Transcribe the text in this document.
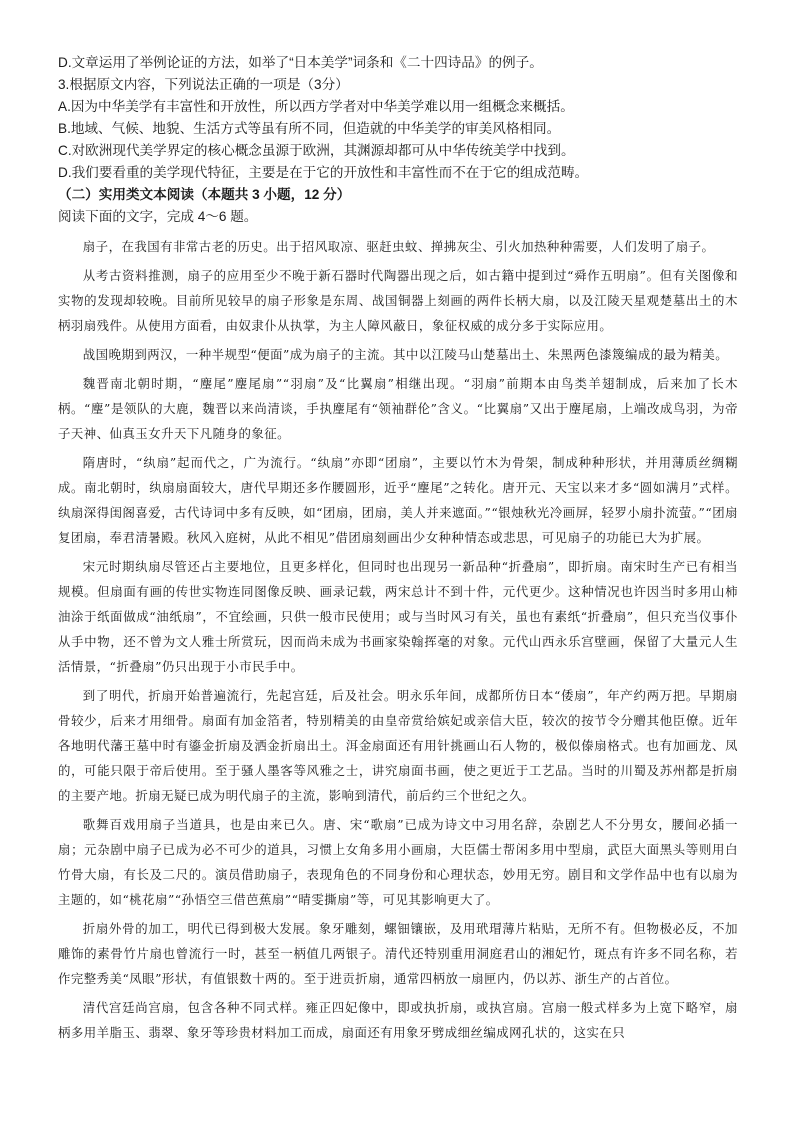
D.文章运用了举例论证的方法，如举了“日本美学”词条和《二十四诗品》的例子。

3.根据原文内容，下列说法正确的一项是（3分）

A.因为中华美学有丰富性和开放性，所以西方学者对中华美学难以用一组概念来概括。

B.地域、气候、地貌、生活方式等虽有所不同，但造就的中华美学的审美风格相同。

C.对欧洲现代美学界定的核心概念虽源于欧洲，其渊源却都可从中华传统美学中找到。

D.我们要看重的美学现代特征，主要是在于它的开放性和丰富性而不在于它的组成范畴。

（二）实用类文本阅读（本题共 3 小题，12 分）

阅读下面的文字，完成 4～6 题。

扇子，在我国有非常古老的历史。出于招风取凉、驱赶虫蚊、掸拂灰尘、引火加热种种需要，人们发明了扇子。

从考古资料推测，扇子的应用至少不晚于新石器时代陶器出现之后，如古籍中提到过“舜作五明扇”。但有关图像和实物的发现却较晚。目前所见较早的扇子形象是东周、战国铜器上刻画的两件长柄大扇，以及江陵天星观楚墓出土的木柄羽扇残件。从使用方面看，由奴隶仆从执掌，为主人障风蔽日，象征权威的成分多于实际应用。

战国晚期到两汉，一种半规型“便面”成为扇子的主流。其中以江陵马山楚墓出土、朱黑两色漆篾编成的最为精美。

魏晋南北朝时期，“麈尾”麈尾扇”“羽扇”及“比翼扇”相继出现。“羽扇”前期本由鸟类羊翅制成，后来加了长木柄。“麈”是领队的大鹿，魏晋以来尚清谈，手执麈尾有“领袖群伦”含义。“比翼扇”又出于麈尾扇，上端改成鸟羽，为帝子天神、仙真玉女升天下凡随身的象征。

隋唐时，“纨扇”起而代之，广为流行。“纨扇”亦即“团扇”，主要以竹木为骨架，制成种种形状，并用薄质丝绸糊成。南北朝时，纨扇扇面较大，唐代早期还多作腰圆形，近乎“麈尾”之转化。唐开元、天宝以来才多“圆如满月”式样。纨扇深得闺阁喜爱，古代诗词中多有反映，如“团扇，团扇，美人并来遮面。”“银烛秋光冷画屏，轻罗小扇扑流萤。”“团扇复团扇，奉君清暑殿。秋风入庭树，从此不相见”借团扇刻画出少女种种情态或悲思，可见扇子的功能已大为扩展。

宋元时期纨扇尽管还占主要地位，且更多样化，但同时也出现另一新品种“折叠扇”，即折扇。南宋时生产已有相当规模。但扇面有画的传世实物连同图像反映、画录记载，两宋总计不到十件，元代更少。这种情况也许因当时多用山柿油涂于纸面做成“油纸扇”，不宜绘画，只供一般市民使用；或与当时风习有关，虽也有素纸“折叠扇”，但只充当仪事仆从手中物，还不曾为文人雅士所赏玩，因而尚未成为书画家染翰挥毫的对象。元代山西永乐宫壁画，保留了大量元人生活情景，“折叠扇”仍只出现于小市民手中。

到了明代，折扇开始普遍流行，先起宫廷，后及社会。明永乐年间，成都所仿日本“倭扇”，年产约两万把。早期扇骨较少，后来才用细骨。扇面有加金箔者，特别精美的由皇帝赏给嫔妃或亲信大臣，较次的按节令分赠其他臣僚。近年各地明代藩王墓中时有鎏金折扇及洒金折扇出土。洱金扇面还有用针挑画山石人物的，极似傣扇格式。也有加画龙、凤的，可能只限于帝后使用。至于骚人墨客等风雅之士，讲究扇面书画，使之更近于工艺品。当时的川蜀及苏州都是折扇的主要产地。折扇无疑已成为明代扇子的主流，影响到清代，前后约三个世纪之久。

歌舞百戏用扇子当道具，也是由来已久。唐、宋“歌扇”已成为诗文中习用名辞，杂剧艺人不分男女，腰间必插一扇；元杂剧中扇子已成为必不可少的道具，习惯上女角多用小画扇，大臣儒士帮闲多用中型扇，武臣大面黑头等则用白竹骨大扇，有长及二尺的。演员借助扇子，表现角色的不同身份和心理状态，妙用无穷。剧目和文学作品中也有以扇为主题的，如“桃花扇”“孙悟空三借芭蕉扇”“晴雯撕扇”等，可见其影响更大了。

折扇外骨的加工，明代已得到极大发展。象牙雕刻，螺钿镶嵌，及用玳瑁薄片粘贴，无所不有。但物极必反，不加雕饰的素骨竹片扇也曾流行一时，甚至一柄值几两银子。清代还特别重用洞庭君山的湘妃竹，斑点有许多不同名称，若作完整秀美“凤眼”形状，有值银数十两的。至于进贡折扇，通常四柄放一扇匣内，仍以苏、浙生产的占首位。

清代宫廷尚宫扇，包含各种不同式样。雍正四妃像中，即或执折扇，或执宫扇。宫扇一般式样多为上宽下略窄，扇柄多用羊脂玉、翡翠、象牙等珍贵材料加工而成，扇面还有用象牙劈成细丝编成网孔状的，这实在只
